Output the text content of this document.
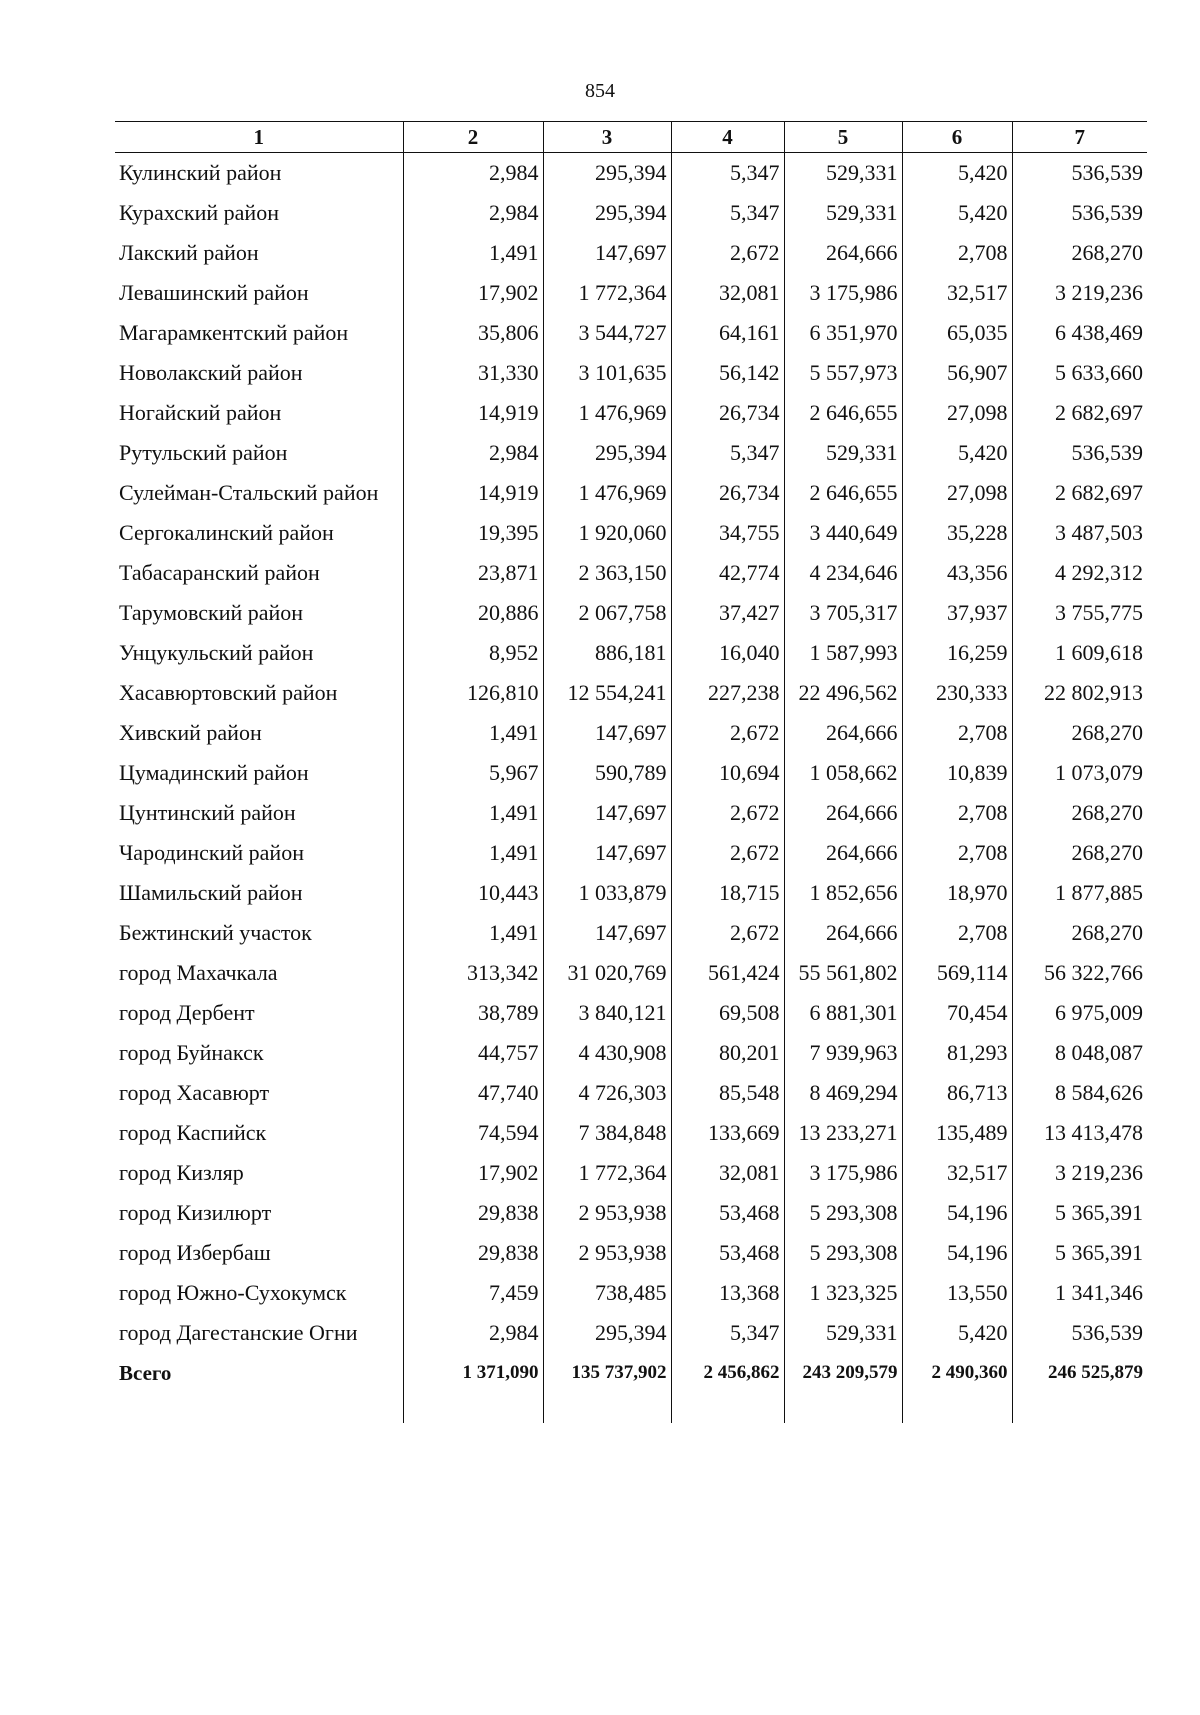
854
1	2	3	4	5	6	7
Кулинский район	2,984	295,394	5,347	529,331	5,420	536,539
Курахский район	2,984	295,394	5,347	529,331	5,420	536,539
Лакский район	1,491	147,697	2,672	264,666	2,708	268,270
Левашинский район	17,902	1 772,364	32,081	3 175,986	32,517	3 219,236
Магарамкентский район	35,806	3 544,727	64,161	6 351,970	65,035	6 438,469
Новолакский район	31,330	3 101,635	56,142	5 557,973	56,907	5 633,660
Ногайский район	14,919	1 476,969	26,734	2 646,655	27,098	2 682,697
Рутульский район	2,984	295,394	5,347	529,331	5,420	536,539
Сулейман-Стальский район	14,919	1 476,969	26,734	2 646,655	27,098	2 682,697
Сергокалинский район	19,395	1 920,060	34,755	3 440,649	35,228	3 487,503
Табасаранский район	23,871	2 363,150	42,774	4 234,646	43,356	4 292,312
Тарумовский район	20,886	2 067,758	37,427	3 705,317	37,937	3 755,775
Унцукульский район	8,952	886,181	16,040	1 587,993	16,259	1 609,618
Хасавюртовский район	126,810	12 554,241	227,238	22 496,562	230,333	22 802,913
Хивский район	1,491	147,697	2,672	264,666	2,708	268,270
Цумадинский район	5,967	590,789	10,694	1 058,662	10,839	1 073,079
Цунтинский район	1,491	147,697	2,672	264,666	2,708	268,270
Чародинский район	1,491	147,697	2,672	264,666	2,708	268,270
Шамильский район	10,443	1 033,879	18,715	1 852,656	18,970	1 877,885
Бежтинский участок	1,491	147,697	2,672	264,666	2,708	268,270
город Махачкала	313,342	31 020,769	561,424	55 561,802	569,114	56 322,766
город Дербент	38,789	3 840,121	69,508	6 881,301	70,454	6 975,009
город Буйнакск	44,757	4 430,908	80,201	7 939,963	81,293	8 048,087
город Хасавюрт	47,740	4 726,303	85,548	8 469,294	86,713	8 584,626
город Каспийск	74,594	7 384,848	133,669	13 233,271	135,489	13 413,478
город Кизляр	17,902	1 772,364	32,081	3 175,986	32,517	3 219,236
город Кизилюрт	29,838	2 953,938	53,468	5 293,308	54,196	5 365,391
город Избербаш	29,838	2 953,938	53,468	5 293,308	54,196	5 365,391
город Южно-Сухокумск	7,459	738,485	13,368	1 323,325	13,550	1 341,346
город Дагестанские Огни	2,984	295,394	5,347	529,331	5,420	536,539
Всего	1 371,090	135 737,902	2 456,862	243 209,579	2 490,360	246 525,879
